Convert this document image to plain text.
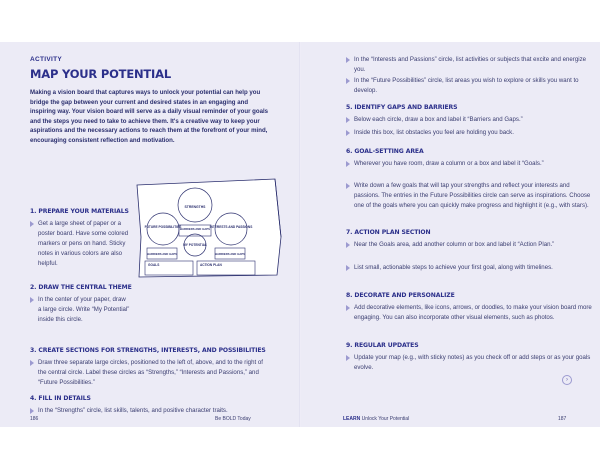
ACTIVITY
MAP YOUR POTENTIAL
Making a vision board that captures ways to unlock your potential can help you bridge the gap between your current and desired states in an engaging and inspiring way. Your vision board will serve as a daily visual reminder of your goals and the steps you need to take to achieve them. It's a creative way to keep your aspirations and the necessary actions to reach them at the forefront of your mind, encouraging consistent reflection and motivation.
1. PREPARE YOUR MATERIALS
Get a large sheet of paper or a poster board. Have some colored markers or pens on hand. Sticky notes in various colors are also helpful.
2. DRAW THE CENTRAL THEME
In the center of your paper, draw a large circle. Write “My Potential” inside this circle.
3. CREATE SECTIONS FOR STRENGTHS, INTERESTS, AND POSSIBILITIES
Draw three separate large circles, positioned to the left of, above, and to the right of the central circle. Label these circles as “Strengths,” “Interests and Passions,” and “Future Possibilities.”
4. FILL IN DETAILS
In the “Strengths” circle, list skills, talents, and positive character traits.
STRENGTHS
BARRIERS AND GAPS
FUTURE POSSIBILITIES	INTERESTS AND PASSIONS
MY POTENTIAL
BARRIERS AND GAPS	BARRIERS AND GAPS
GOALS	ACTION PLAN
In the “Interests and Passions” circle, list activities or subjects that excite and energize you.
In the “Future Possibilities” circle, list areas you wish to explore or skills you want to develop.
5. IDENTIFY GAPS AND BARRIERS
Below each circle, draw a box and label it “Barriers and Gaps.”
Inside this box, list obstacles you feel are holding you back.
6. GOAL-SETTING AREA
Wherever you have room, draw a column or a box and label it “Goals.”
Write down a few goals that will tap your strengths and reflect your interests and passions. The entries in the Future Possibilities circle can serve as inspirations. Choose one of the goals where you can quickly make progress and highlight it (e.g., with stars).
7. ACTION PLAN SECTION
Near the Goals area, add another column or box and label it “Action Plan.”
List small, actionable steps to achieve your first goal, along with timelines.
8. DECORATE AND PERSONALIZE
Add decorative elements, like icons, arrows, or doodles, to make your vision board more engaging. You can also incorporate other visual elements, such as photos.
9. REGULAR UPDATES
Update your map (e.g., with sticky notes) as you check off or add steps or as your goals evolve.
›
186	Be BOLD Today	LEARN Unlock Your Potential	187
